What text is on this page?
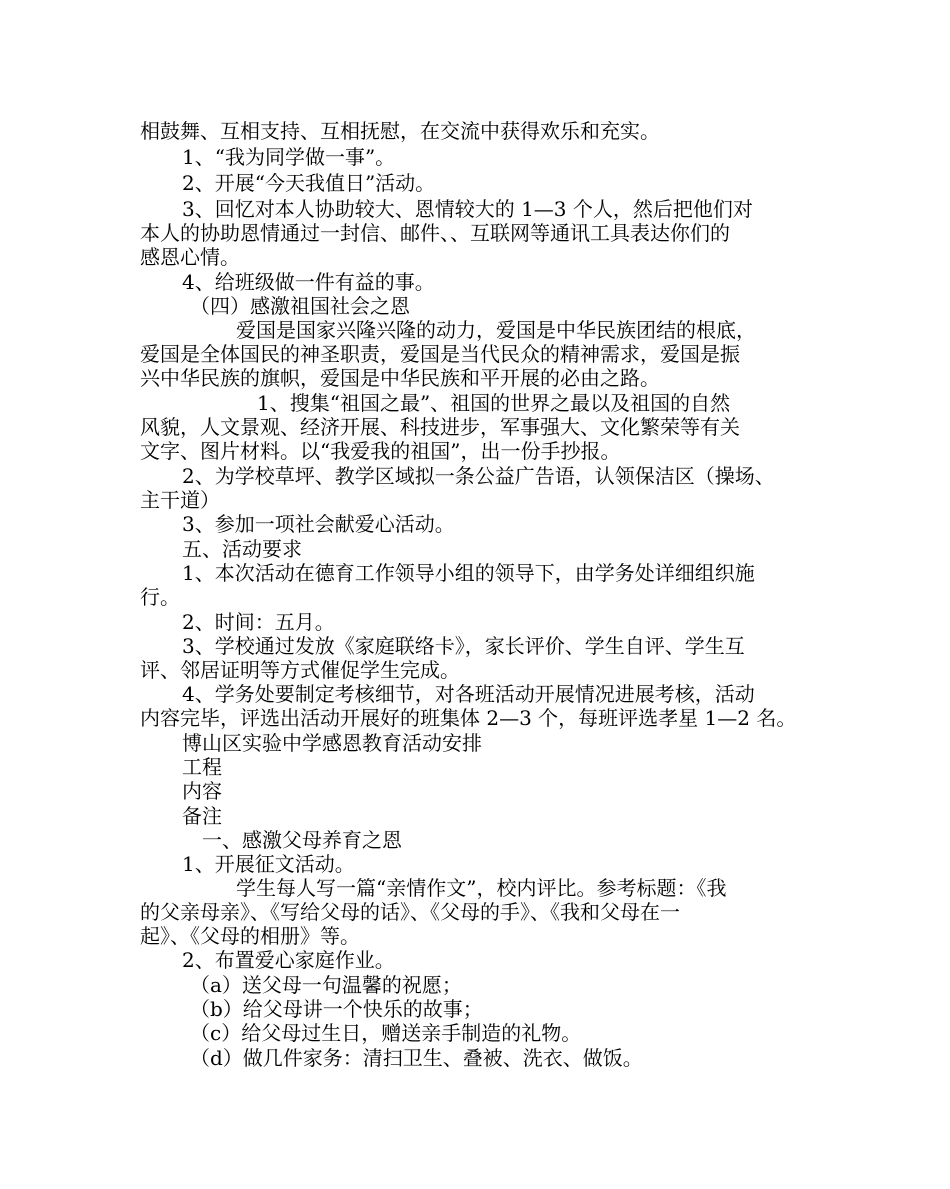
相鼓舞、互相支持、互相抚慰，在交流中获得欢乐和充实。
1、“我为同学做一事”。
2、开展“今天我值日”活动。
3、回忆对本人协助较大、恩情较大的 1—3 个人，然后把他们对
本人的协助恩情通过一封信、邮件、、互联网等通讯工具表达你们的
感恩心情。
4、给班级做一件有益的事。
（四）感激祖国社会之恩
爱国是国家兴隆兴隆的动力，爱国是中华民族团结的根底，
爱国是全体国民的神圣职责，爱国是当代民众的精神需求，爱国是振
兴中华民族的旗帜，爱国是中华民族和平开展的必由之路。
1、搜集“祖国之最”、祖国的世界之最以及祖国的自然
风貌，人文景观、经济开展、科技进步，军事强大、文化繁荣等有关
文字、图片材料。以“我爱我的祖国”，出一份手抄报。
2、为学校草坪、教学区域拟一条公益广告语，认领保洁区（操场、
主干道）
3、参加一项社会献爱心活动。
五、活动要求
1、本次活动在德育工作领导小组的领导下，由学务处详细组织施
行。
2、时间：五月。
3、学校通过发放《家庭联络卡》，家长评价、学生自评、学生互
评、邻居证明等方式催促学生完成。
4、学务处要制定考核细节，对各班活动开展情况进展考核，活动
内容完毕，评选出活动开展好的班集体 2—3 个，每班评选孝星 1—2 名。
博山区实验中学感恩教育活动安排
工程
内容
备注
一、感激父母养育之恩
1、开展征文活动。
学生每人写一篇“亲情作文”，校内评比。参考标题：《我
的父亲母亲》、《写给父母的话》、《父母的手》、《我和父母在一
起》、《父母的相册》等。
2、布置爱心家庭作业。
（a）送父母一句温馨的祝愿；
（b）给父母讲一个快乐的故事；
（c）给父母过生日，赠送亲手制造的礼物。
（d）做几件家务：清扫卫生、叠被、洗衣、做饭。
